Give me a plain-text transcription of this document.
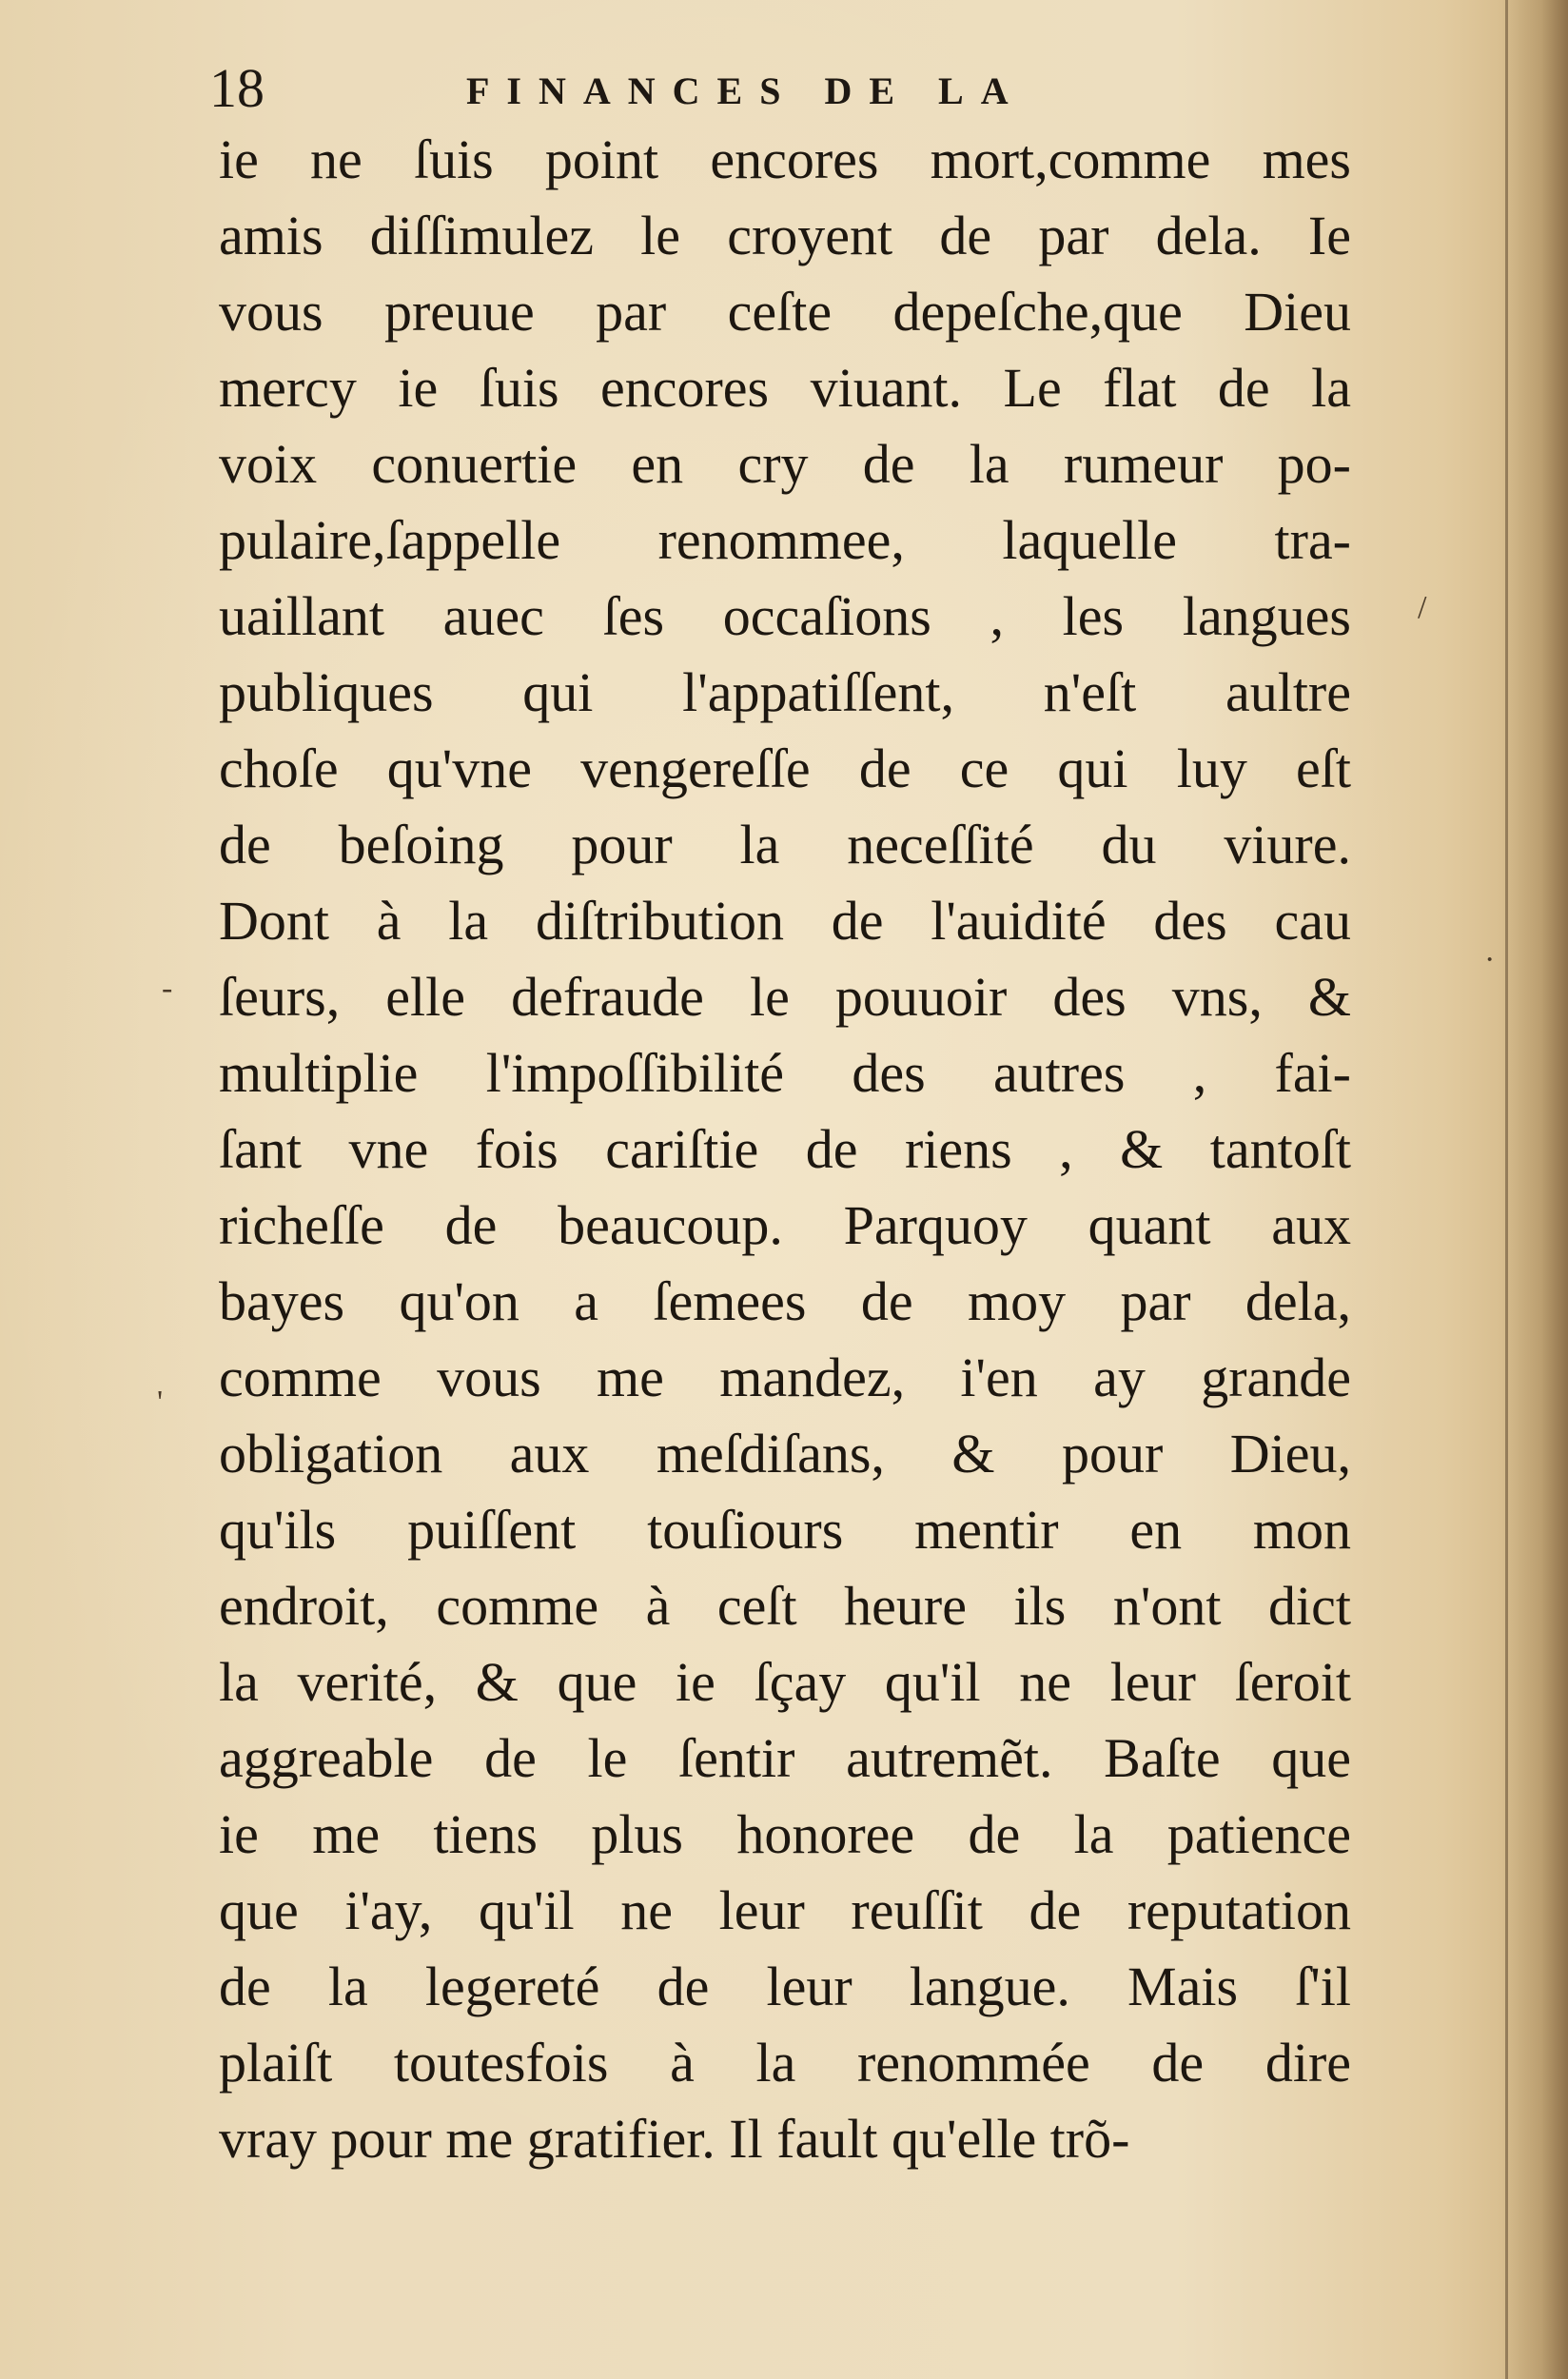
18	FINANCES DE LA
ie ne ſuis point encores mort,comme mes
amis diſſimulez le croyent de par dela. Ie
vous preuue par ceſte depeſche,que Dieu
mercy ie ſuis encores viuant. Le flat de la
voix conuertie en cry de la rumeur po-
pulaire,ſappelle renommee, laquelle tra-
uaillant auec ſes occaſions , les langues
publiques qui l'appatiſſent, n'eſt aultre
choſe qu'vne vengereſſe de ce qui luy eſt
de beſoing pour la neceſſité du viure.
Dont à la diſtribution de l'auidité des cau
ſeurs, elle defraude le pouuoir des vns, &
multiplie l'impoſſibilité des autres , fai-
ſant vne fois cariſtie de riens , & tantoſt
richeſſe de beaucoup. Parquoy quant aux
bayes qu'on a ſemees de moy par dela,
comme vous me mandez, i'en ay grande
obligation aux meſdiſans, & pour Dieu,
qu'ils puiſſent touſiours mentir en mon
endroit, comme à ceſt heure ils n'ont dict
la verité, & que ie ſçay qu'il ne leur ſeroit
aggreable de le ſentir autremẽt. Baſte que
ie me tiens plus honoree de la patience
que i'ay, qu'il ne leur reuſſit de reputation
de la legereté de leur langue. Mais ſ'il
plaiſt toutesfois à la renommée de dire
vray pour me gratifier. Il fault qu'elle trõ-
/
-
'
·
